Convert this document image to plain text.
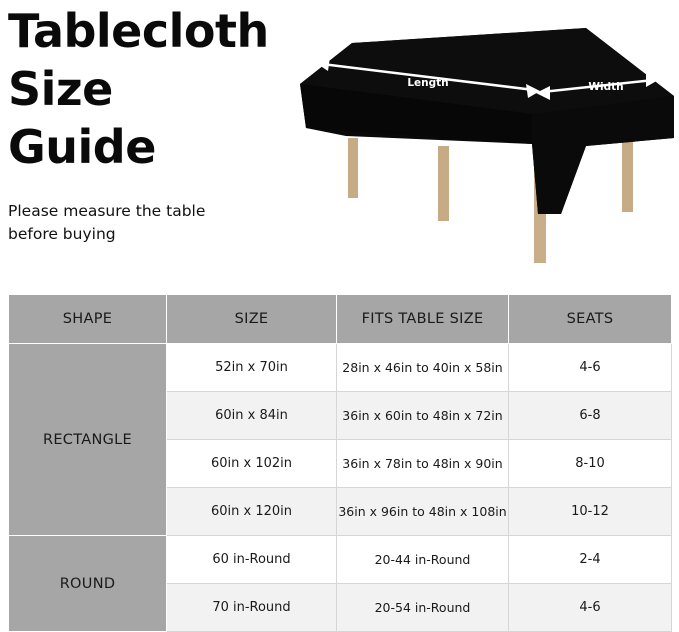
Tablecloth
Size
Guide
Please measure the table
before buying
Length	Width
SHAPE	SIZE	FITS TABLE SIZE	SEATS
RECTANGLE	52in x 70in	28in x 46in to 40in x 58in	4-6
	60in x 84in	36in x 60in to 48in x 72in	6-8
	60in x 102in	36in x 78in to 48in x 90in	8-10
	60in x 120in	36in x 96in to 48in x 108in	10-12
ROUND	60 in-Round	20-44 in-Round	2-4
	70 in-Round	20-54 in-Round	4-6
